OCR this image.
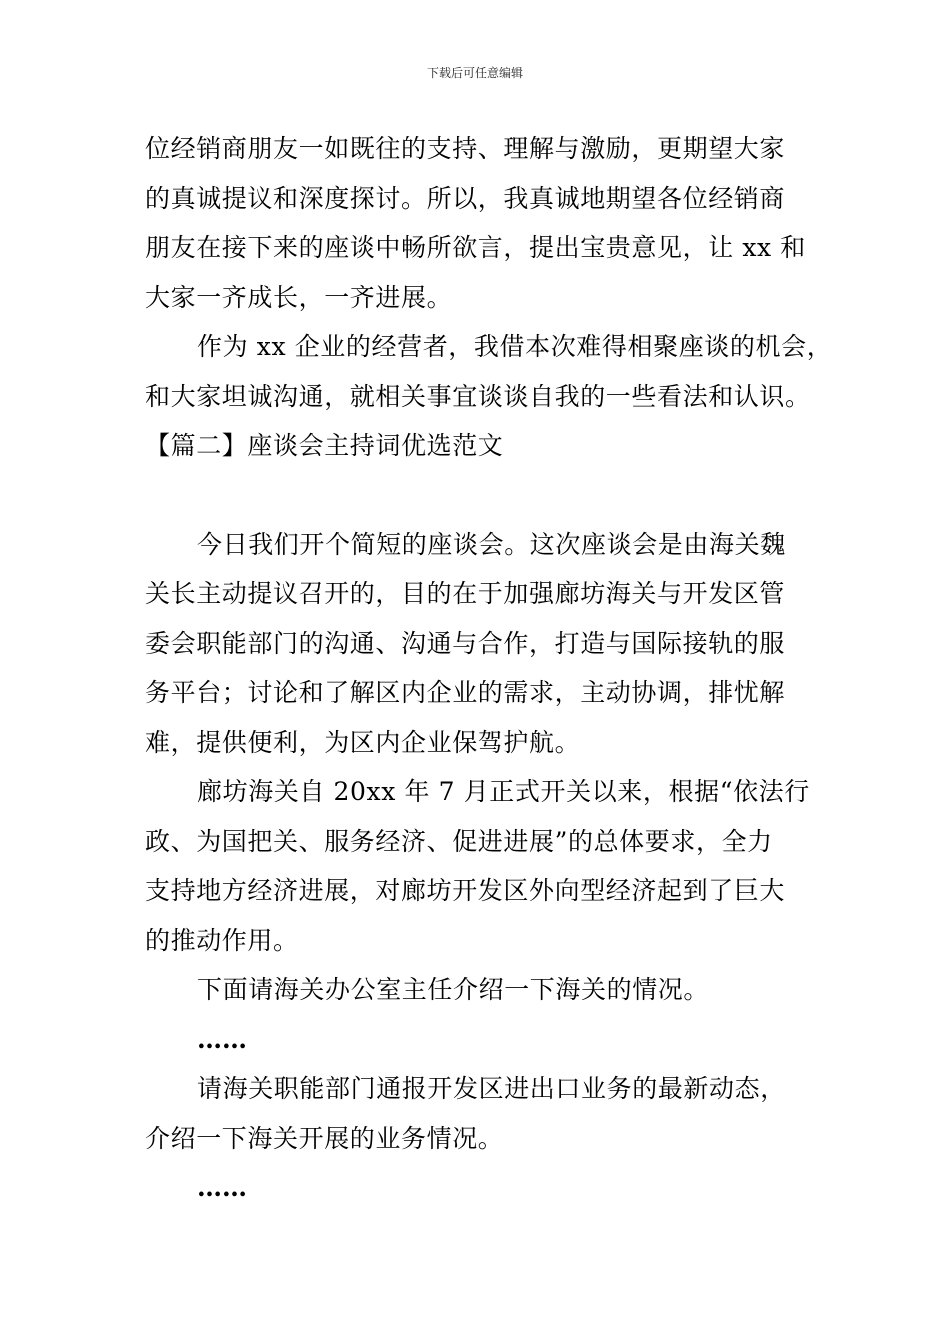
下载后可任意编辑
位经销商朋友一如既往的支持、理解与激励，更期望大家
的真诚提议和深度探讨。所以，我真诚地期望各位经销商
朋友在接下来的座谈中畅所欲言，提出宝贵意见，让 xx 和
大家一齐成长，一齐进展。
作为 xx 企业的经营者，我借本次难得相聚座谈的机会，
和大家坦诚沟通，就相关事宜谈谈自我的一些看法和认识。
【篇二】座谈会主持词优选范文
今日我们开个简短的座谈会。这次座谈会是由海关魏
关长主动提议召开的，目的在于加强廊坊海关与开发区管
委会职能部门的沟通、沟通与合作，打造与国际接轨的服
务平台；讨论和了解区内企业的需求，主动协调，排忧解
难，提供便利，为区内企业保驾护航。
廊坊海关自 20xx 年 7 月正式开关以来，根据“依法行
政、为国把关、服务经济、促进进展”的总体要求，全力
支持地方经济进展，对廊坊开发区外向型经济起到了巨大
的推动作用。
下面请海关办公室主任介绍一下海关的情况。
……
请海关职能部门通报开发区进出口业务的最新动态，
介绍一下海关开展的业务情况。
……
